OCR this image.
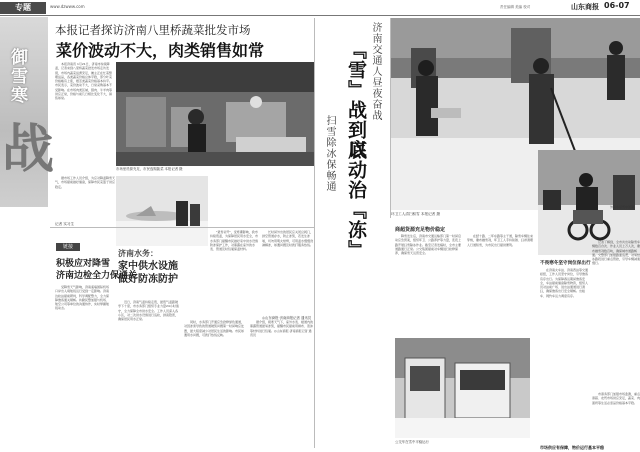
专题	www.dzwww.com	责任编辑 美编 校对	山东商报 06-07
御雪寒
战
本报记者探访济南八里桥蔬菜批发市场
菜价波动不大，肉类销售如常
本报济南讯 1月21日，济南市持续降温，记者来到八里桥蔬菜批发市场走访发现，市场内蔬菜货源充足，摊主正在忙着整理货品，各类蔬菜价格总体平稳，部分叶菜价格略有上涨，根茎类蔬菜价格基本持平。市民表示，菜价波动不大，日常采购基本不受影响。在市场肉类区域，猪肉、牛羊肉等供应正常，价格与前几日相比变化不大，销售如常。
市场里货源充足，市民选购蔬菜 本报记者 摄
据市场工作人员介绍，为应对降温降雪天气，市场提前做好储备，保障市民菜篮子供应稳定。
记者 实习生
济南水务：
家中供水设施
做好防冻防护
"楚雪初开"，受寒潮影响，我市持续低温，为保障居民用水安全，市水务部门提醒市民做好家中供水设施防冻保护工作，对暴露在室外的水表、管道及时包裹保温材料。
长时间外出的居民应关闭总阀门，排空管道存水，防止冻裂，若发生冻堵，切勿用明火烘烤，可用温水慢慢浇淋解冻，如遇问题及时拨打服务热线。
◎山东商报·济南商报记者 通讯员
近日，济南气温持续走低，最低气温跌破零下十度，市水务部门组织专业力量24小时值守，全力保障全市供水安全。工作人员深入各小区，对二次供水设施进行巡检，排查隐患，确保居民用水正常。
同时，水务部门开通应急抢修绿色通道，对因冻害导致的管道破裂问题第一时间响应处置，最大程度减少对居民生活的影响。市民如遇用水问题，可拨打热线反映。
据介绍，极寒天气下，室外水表、楼道内的暴露管道最易冻裂，提醒市民提前用棉布、泡沫等材料进行包裹。◎山东商报·济南商报记者 通讯员
链接
积极应对降雪
济南边检全力保通关
受降雪天气影响，济南遥墙国际机场口岸出入境航班运行受到一定影响。济南边检站提前研判，科学调配警力，全力保障旅客通关顺畅。执勤民警加强与机场、航空公司等单位的沟通协作，实时掌握航班动态。
济南交通人昼夜奋战
『雪』战到底
以动治『冻』
扫雪除冰保畅通
环卫工人清扫积雪 本报记者 摄
商超货源充足物价稳定
降雪发生后，济南市交通运输部门第一时间启动应急预案，组织环卫、公路养护等力量，连夜上路开展扫雪除冰作业。截至记者发稿时，全市主要道路通行正常。公交集团提前对车辆进行检修保养，确保雪天运营安全。
在经十路、二环东路等主干道，除雪车辆往来穿梭，撒布融雪剂，环卫工人手持铁锹、扫帚清理人行道积雪，为市民出行提供便利。
公交车在雪中平稳运行
外卖小哥雪中送餐
不畏寒冬坚守岗位保出行
在济南火车站、济南西站等交通枢纽，工作人员坚守岗位，引导旅客有序出行。为保障春运期间旅客安全，车站提前储备除雪物资，组织人员对站前广场、进出站通道进行清扫，确保旅客出行安全顺畅。出租车、网约车运力调度有序。
记者了解到，全市共出动除雪车辆数百台次、作业人员上万人次，撒布融雪剂数百吨，确保城市道路畅通。交警部门加强路面巡逻，对易结冰路段进行重点管控，引导车辆减速慢行。
市场供应有保障，物价运行基本平稳
市商务部门加强市场监测，重点商超、农贸市场供应充足，蔬菜、肉蛋奶等生活必需品价格基本平稳。
